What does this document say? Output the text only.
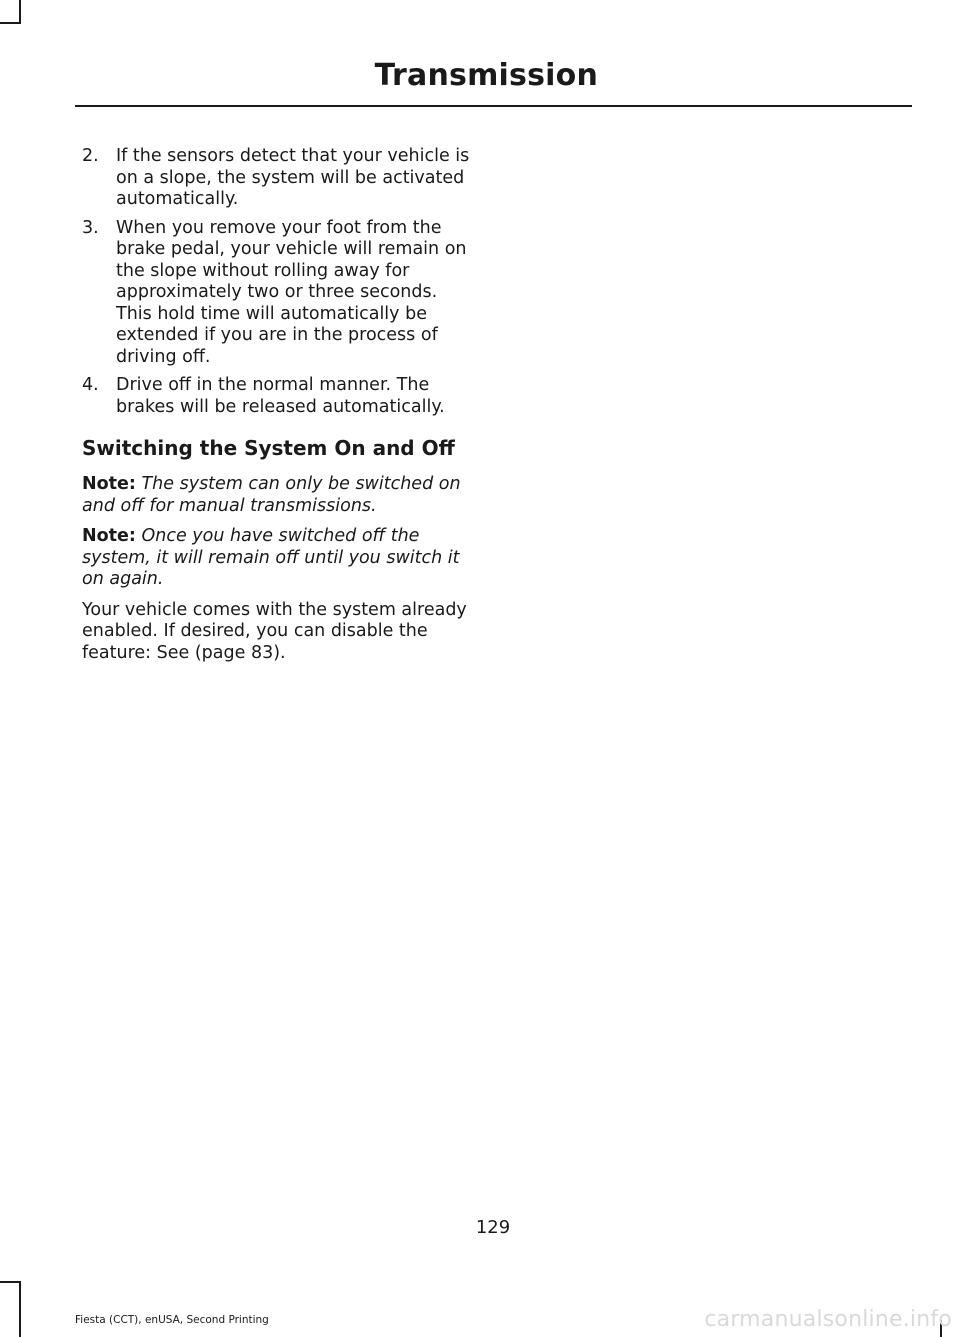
Transmission
2. If the sensors detect that your vehicle is on a slope, the system will be activated automatically.
3. When you remove your foot from the brake pedal, your vehicle will remain on the slope without rolling away for approximately two or three seconds. This hold time will automatically be extended if you are in the process of driving off.
4. Drive off in the normal manner. The brakes will be released automatically.
Switching the System On and Off

Note: The system can only be switched on and off for manual transmissions.

Note: Once you have switched off the system, it will remain off until you switch it on again.

Your vehicle comes with the system already enabled. If desired, you can disable the feature: See (page 83).

129
Fiesta (CCT), enUSA, Second Printing	carmanualsonline.info
